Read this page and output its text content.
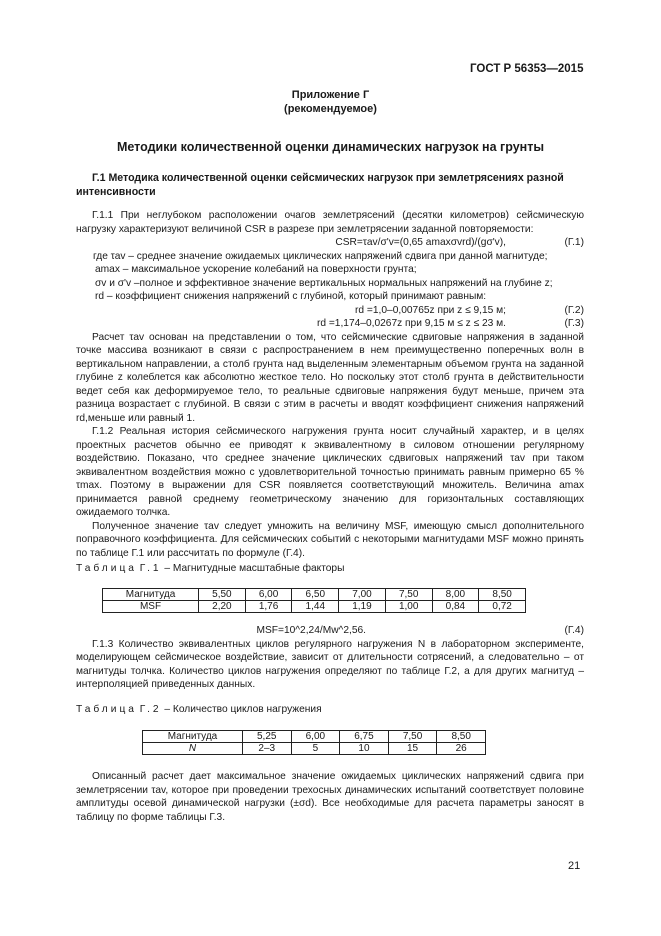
ГОСТ Р 56353—2015
Приложение Г
(рекомендуемое)
Методики количественной оценки динамических нагрузок на грунты
Г.1 Методика количественной оценки сейсмических нагрузок при землетрясениях разной интенсивности

Г.1.1 При неглубоком расположении очагов землетрясений (десятки километров) сейсмическую нагрузку характеризуют величиной CSR в разрезе при землетрясении заданной повторяемости:

CSR=τav/σ'v=(0,65 amaxσvrd)/(gσ'v),	(Г.1)

где τav – среднее значение ожидаемых циклических напряжений сдвига при данной магнитуде;

amax – максимальное ускорение колебаний на поверхности грунта;

σv и σ'v –полное и эффективное значение вертикальных нормальных напряжений на глубине z;

rd – коэффициент снижения напряжений с глубиной, который принимают равным:

rd =1,0–0,00765z при z ≤ 9,15 м;	(Г.2)
rd =1,174–0,0267z при 9,15 м ≤ z ≤ 23 м.	(Г.3)

Расчет τav основан на представлении о том, что сейсмические сдвиговые напряжения в заданной точке массива возникают в связи с распространением в нем преимущественно поперечных волн в вертикальном направлении, а столб грунта над выделенным элементарным объемом грунта на заданной глубине z колеблется как абсолютно жесткое тело. Но поскольку этот столб грунта в действительности ведет себя как деформируемое тело, то реальные сдвиговые напряжения будут меньше, причем эта разница возрастает с глубиной. В связи с этим в расчеты и вводят коэффициент снижения напряжений rd,меньше или равный 1.

Г.1.2 Реальная история сейсмического нагружения грунта носит случайный характер, и в целях проектных расчетов обычно ее приводят к эквивалентному в силовом отношении регулярному воздействию. Показано, что среднее значение циклических сдвиговых напряжений τav при таком эквивалентном воздействия можно с удовлетворительной точностью принимать равным примерно 65 % τmax. Поэтому в выражении для CSR появляется соответствующий множитель. Величина amax принимается равной среднему геометрическому значению для горизонтальных составляющих ожидаемого толчка.

Полученное значение τav следует умножить на величину MSF, имеющую смысл дополнительного поправочного коэффициента. Для сейсмических событий с некоторыми магнитудами MSF можно принять по таблице Г.1 или рассчитать по формуле (Г.4).

Таблица Г.1 – Магнитудные масштабные факторы
Магнитуда	5,50	6,00	6,50	7,00	7,50	8,00	8,50
MSF	2,20	1,76	1,44	1,19	1,00	0,84	0,72
MSF=10^2,24/Mw^2,56.	(Г.4)

Г.1.3 Количество эквивалентных циклов регулярного нагружения N в лабораторном эксперименте, моделирующем сейсмическое воздействие, зависит от длительности сотрясений, а следовательно – от магнитуды толчка. Количество циклов нагружения определяют по таблице Г.2, а для других магнитуд – интерполяцией приведенных данных.

Таблица Г.2 – Количество циклов нагружения
Магнитуда	5,25	6,00	6,75	7,50	8,50
N	2–3	5	10	15	26

Описанный расчет дает максимальное значение ожидаемых циклических напряжений сдвига при землетрясении τav, которое при проведении трехосных динамических испытаний соответствует половине амплитуды осевой динамической нагрузки (±σd). Все необходимые для расчета параметры заносят в таблицу по форме таблицы Г.3.

21
